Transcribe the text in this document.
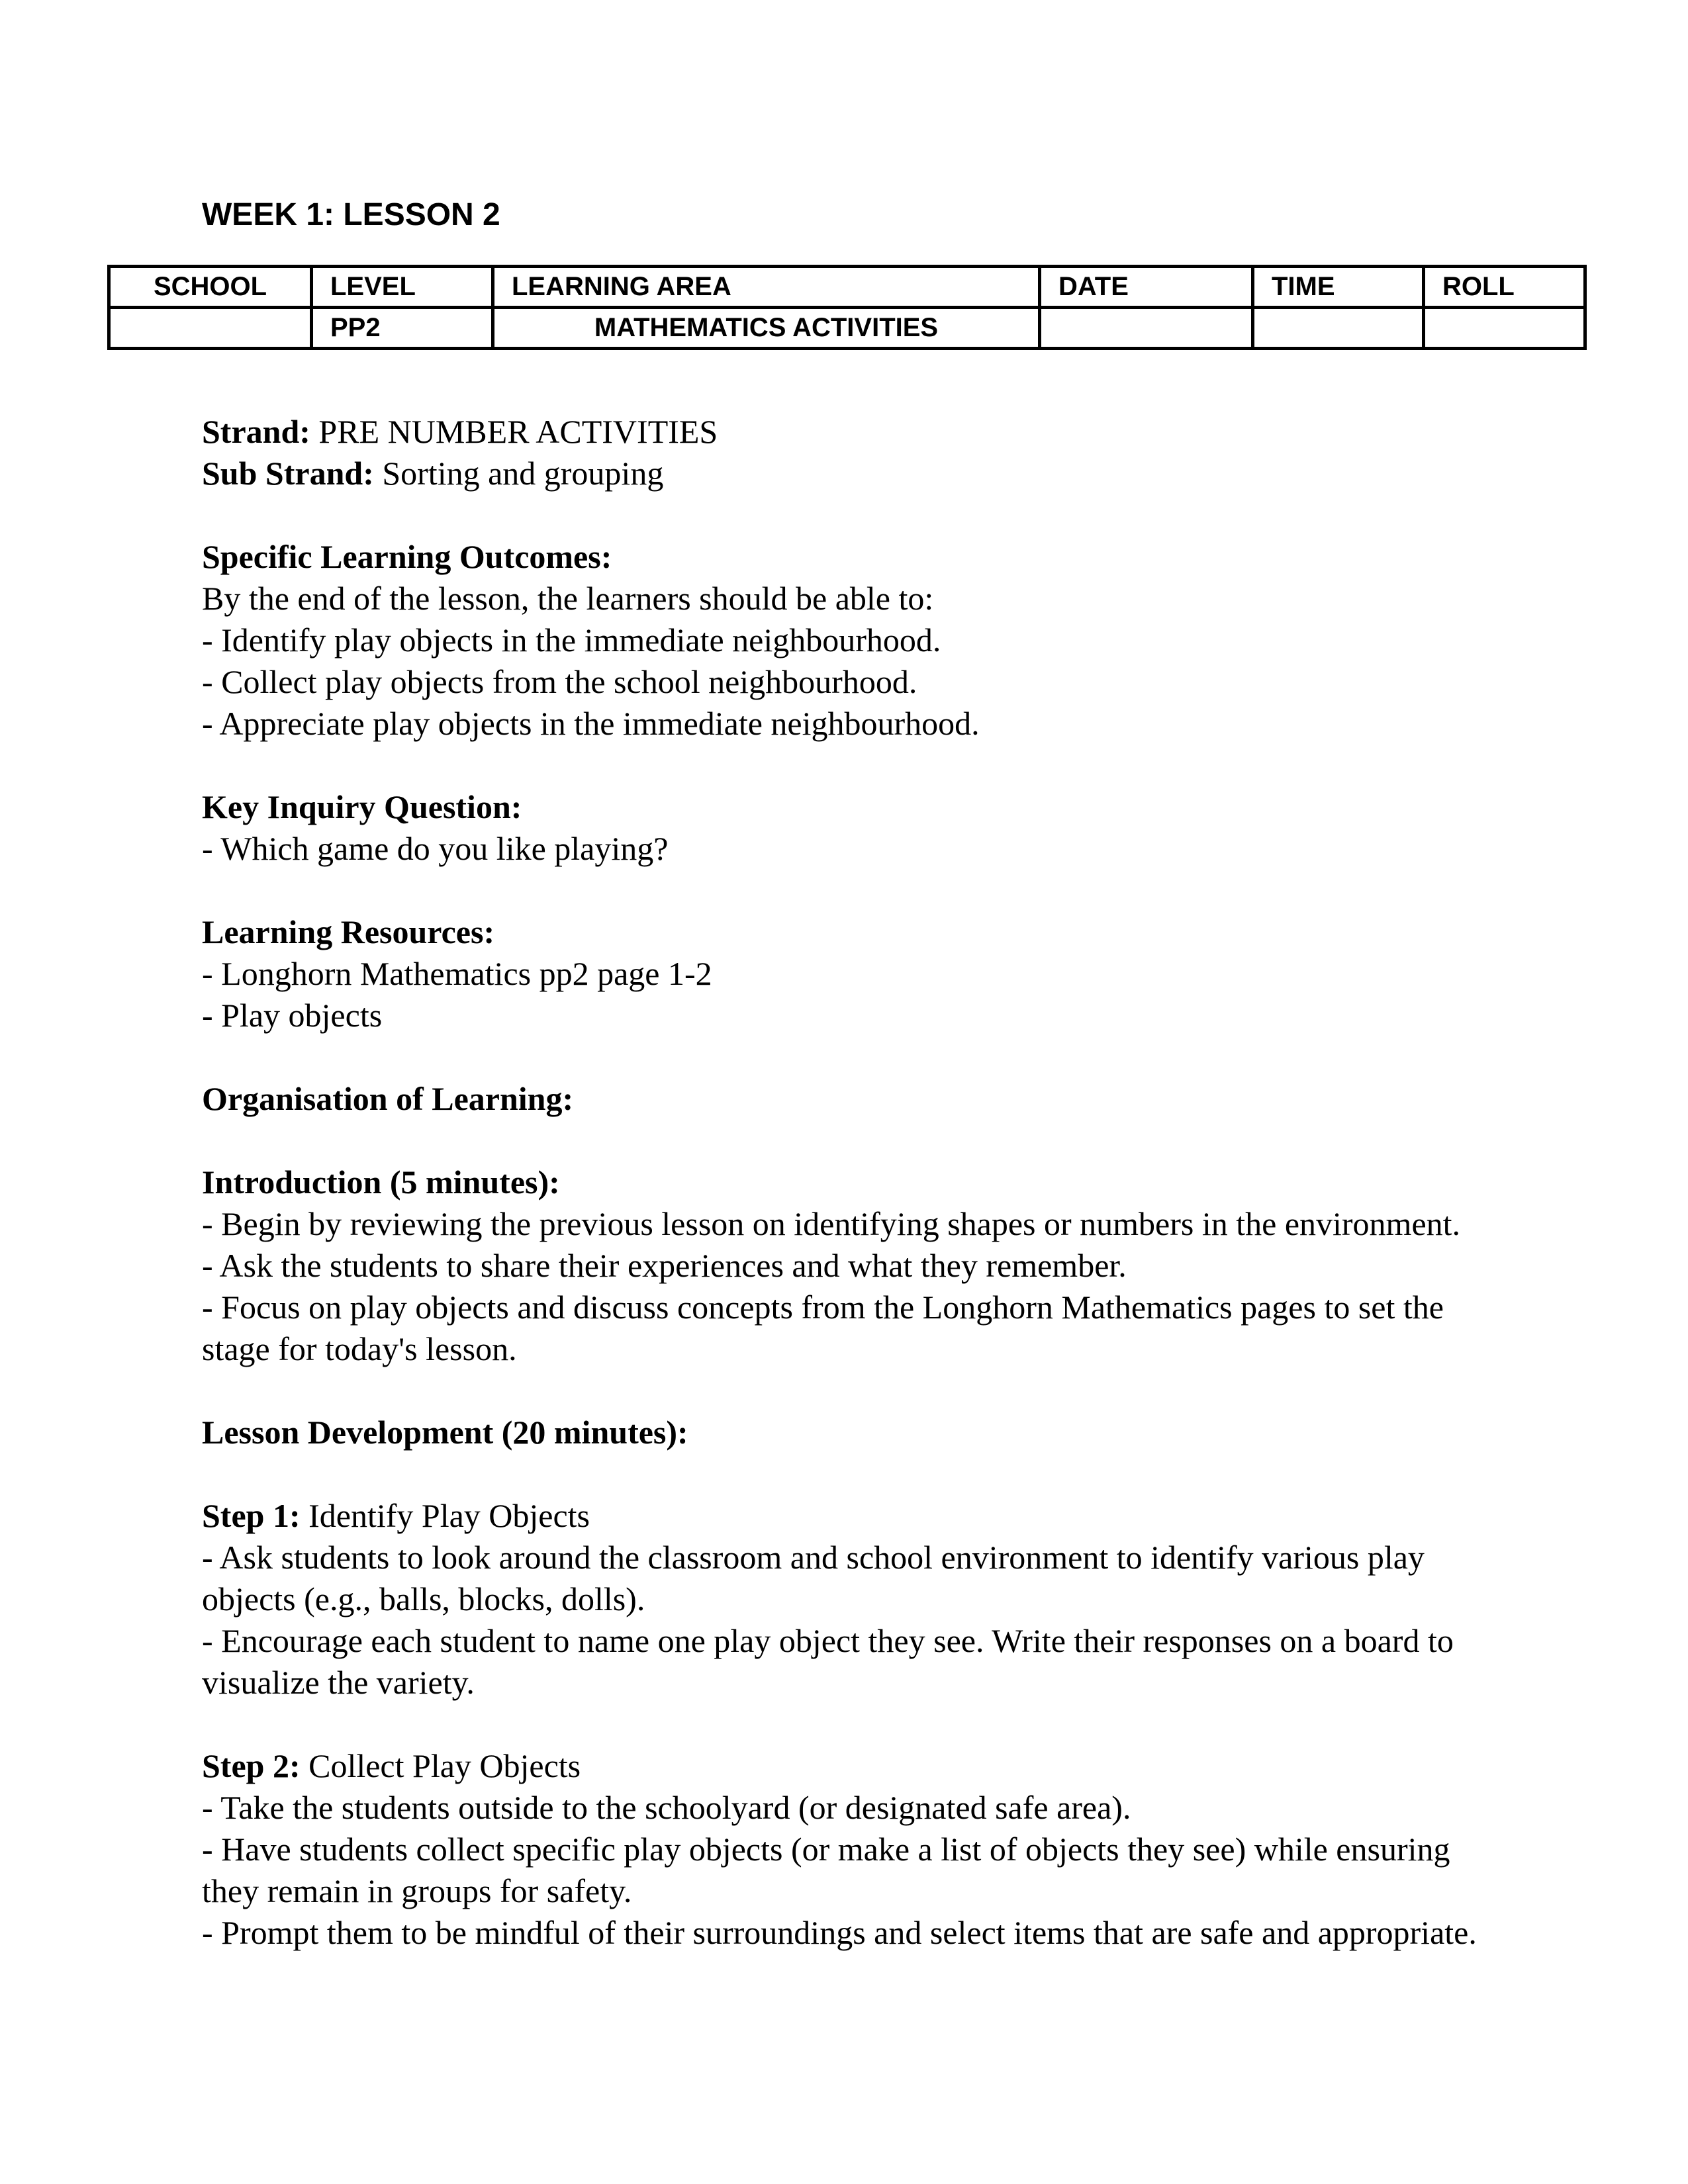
WEEK 1: LESSON 2
SCHOOL	LEVEL	LEARNING AREA	DATE	TIME	ROLL
	PP2	MATHEMATICS ACTIVITIES			
Strand: PRE NUMBER ACTIVITIES
Sub Strand: Sorting and grouping
Specific Learning Outcomes:
By the end of the lesson, the learners should be able to:
- Identify play objects in the immediate neighbourhood.
- Collect play objects from the school neighbourhood.
- Appreciate play objects in the immediate neighbourhood.
Key Inquiry Question:
- Which game do you like playing?
Learning Resources:
- Longhorn Mathematics pp2 page 1-2
- Play objects
Organisation of Learning:
Introduction (5 minutes):
- Begin by reviewing the previous lesson on identifying shapes or numbers in the environment.
- Ask the students to share their experiences and what they remember.
- Focus on play objects and discuss concepts from the Longhorn Mathematics pages to set the stage for today's lesson.
Lesson Development (20 minutes):
Step 1: Identify Play Objects
- Ask students to look around the classroom and school environment to identify various play objects (e.g., balls, blocks, dolls).
- Encourage each student to name one play object they see. Write their responses on a board to visualize the variety.
Step 2: Collect Play Objects
- Take the students outside to the schoolyard (or designated safe area).
- Have students collect specific play objects (or make a list of objects they see) while ensuring they remain in groups for safety.
- Prompt them to be mindful of their surroundings and select items that are safe and appropriate.
